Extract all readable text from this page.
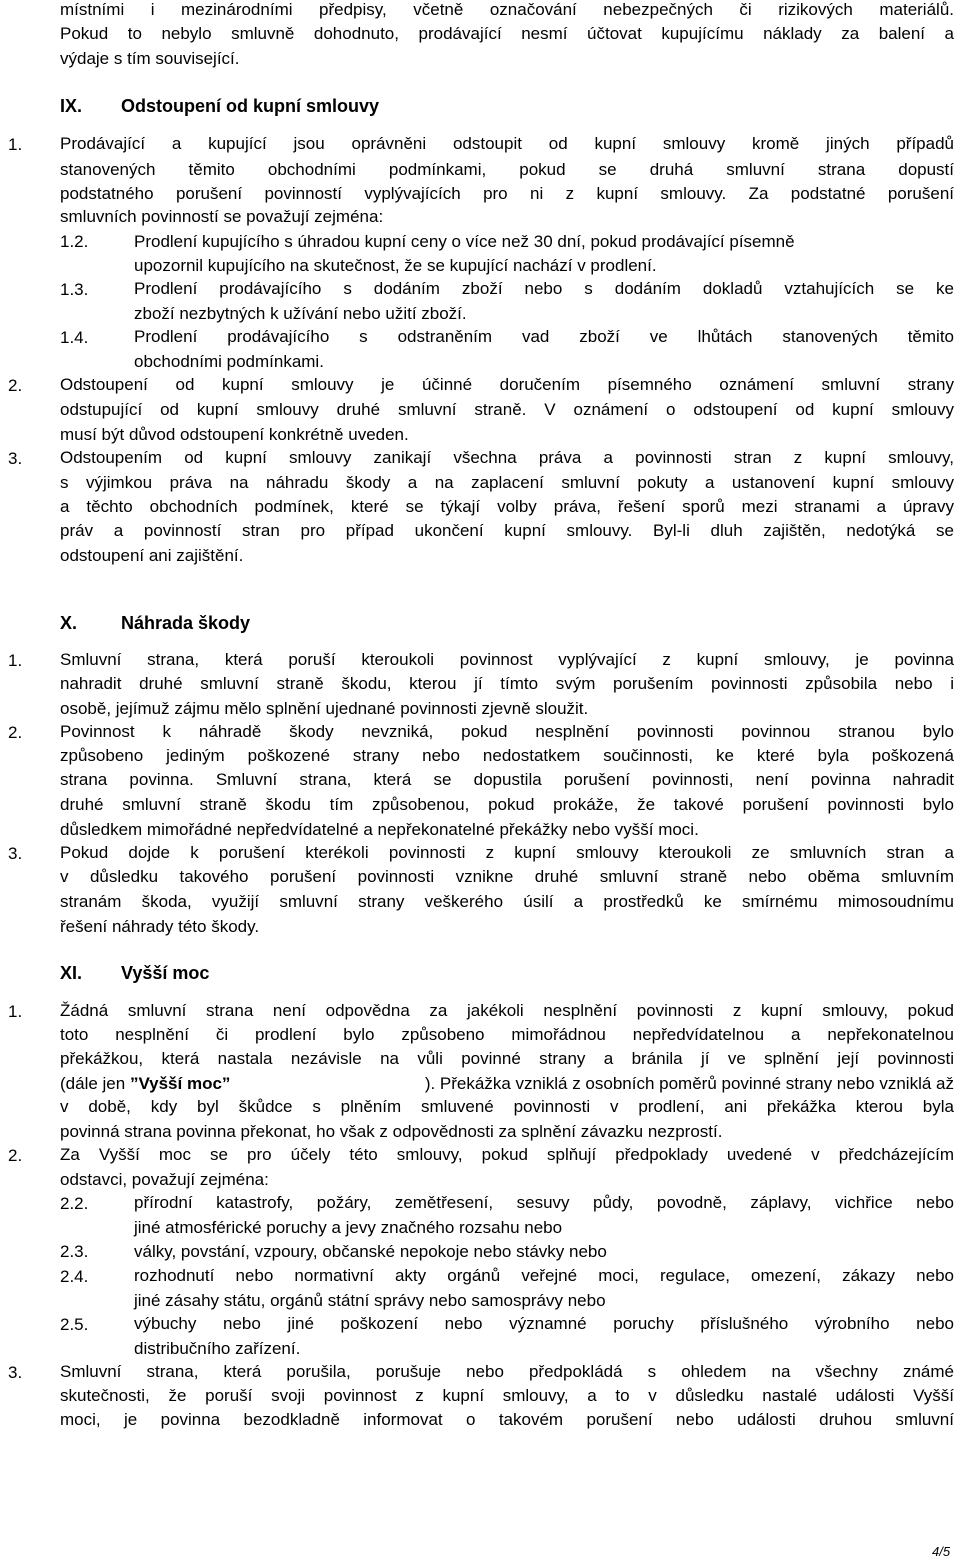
místními i mezinárodními předpisy, včetně označování nebezpečných či rizikových materiálů.
Pokud to nebylo smluvně dohodnuto, prodávající nesmí účtovat kupujícímu náklady za balení a
výdaje s tím související.
IX. Odstoupení od kupní smlouvy
1. Prodávající a kupující jsou oprávněni odstoupit od kupní smlouvy kromě jiných případů
stanovených těmito obchodními podmínkami, pokud se druhá smluvní strana dopustí
podstatného porušení povinností vyplývajících pro ni z kupní smlouvy. Za podstatné porušení
smluvních povinností se považují zejména:
1.2.	Prodlení kupujícího s úhradou kupní ceny o více než 30 dní, pokud prodávající písemně
upozornil kupujícího na skutečnost, že se kupující nachází v prodlení.
1.3.	Prodlení prodávajícího s dodáním zboží nebo s dodáním dokladů vztahujících se ke
zboží nezbytných k užívání nebo užití zboží.
1.4.	Prodlení prodávajícího s odstraněním vad zboží ve lhůtách stanovených těmito
obchodními podmínkami.
2. Odstoupení od kupní smlouvy je účinné doručením písemného oznámení smluvní strany
odstupující od kupní smlouvy druhé smluvní straně. V oznámení o odstoupení od kupní smlouvy
musí být důvod odstoupení konkrétně uveden.
3. Odstoupením od kupní smlouvy zanikají všechna práva a povinnosti stran z kupní smlouvy,
s výjimkou práva na náhradu škody a na zaplacení smluvní pokuty a ustanovení kupní smlouvy
a těchto obchodních podmínek, které se týkají volby práva, řešení sporů mezi stranami a úpravy
práv a povinností stran pro případ ukončení kupní smlouvy. Byl-li dluh zajištěn, nedotýká se
odstoupení ani zajištění.
X. Náhrada škody
1. Smluvní strana, která poruší kteroukoli povinnost vyplývající z kupní smlouvy, je povinna
nahradit druhé smluvní straně škodu, kterou jí tímto svým porušením povinnosti způsobila nebo i
osobě, jejímuž zájmu mělo splnění ujednané povinnosti zjevně sloužit.
2. Povinnost k náhradě škody nevzniká, pokud nesplnění povinnosti povinnou stranou bylo
způsobeno jediným poškozené strany nebo nedostatkem součinnosti, ke které byla poškozená
strana povinna. Smluvní strana, která se dopustila porušení povinnosti, není povinna nahradit
druhé smluvní straně škodu tím způsobenou, pokud prokáže, že takové porušení povinnosti bylo
důsledkem mimořádné nepředvídatelné a nepřekonatelné překážky nebo vyšší moci.
3. Pokud dojde k porušení kterékoli povinnosti z kupní smlouvy kteroukoli ze smluvních stran a
v důsledku takového porušení povinnosti vznikne druhé smluvní straně nebo oběma smluvním
stranám škoda, využijí smluvní strany veškerého úsilí a prostředků ke smírnému mimosoudnímu
řešení náhrady této škody.
XI. Vyšší moc
1. Žádná smluvní strana není odpovědna za jakékoli nesplnění povinnosti z kupní smlouvy, pokud
toto nesplnění či prodlení bylo způsobeno mimořádnou nepředvídatelnou a nepřekonatelnou
překážkou, která nastala nezávisle na vůli povinné strany a bránila jí ve splnění její povinnosti
(dále jen ”Vyšší moc”	). Překážka vzniklá z osobních poměrů povinné strany nebo vzniklá až
v době, kdy byl škůdce s plněním smluvené povinnosti v prodlení, ani překážka kterou byla
povinná strana povinna překonat, ho však z odpovědnosti za splnění závazku nezprostí.
2. Za Vyšší moc se pro účely této smlouvy, pokud splňují předpoklady uvedené v předcházejícím
odstavci, považují zejména:
2.2.	přírodní katastrofy, požáry, zemětřesení, sesuvy půdy, povodně, záplavy, vichřice nebo
jiné atmosférické poruchy a jevy značného rozsahu nebo
2.3.	války, povstání, vzpoury, občanské nepokoje nebo stávky nebo
2.4.	rozhodnutí nebo normativní akty orgánů veřejné moci, regulace, omezení, zákazy nebo
jiné zásahy státu, orgánů státní správy nebo samosprávy nebo
2.5.	výbuchy nebo jiné poškození nebo významné poruchy příslušného výrobního nebo
distribučního zařízení.
3. Smluvní strana, která porušila, porušuje nebo předpokládá s ohledem na všechny známé
skutečnosti, že poruší svoji povinnost z kupní smlouvy, a to v důsledku nastalé události Vyšší
moci, je povinna bezodkladně informovat o takovém porušení nebo události druhou smluvní
4/5
